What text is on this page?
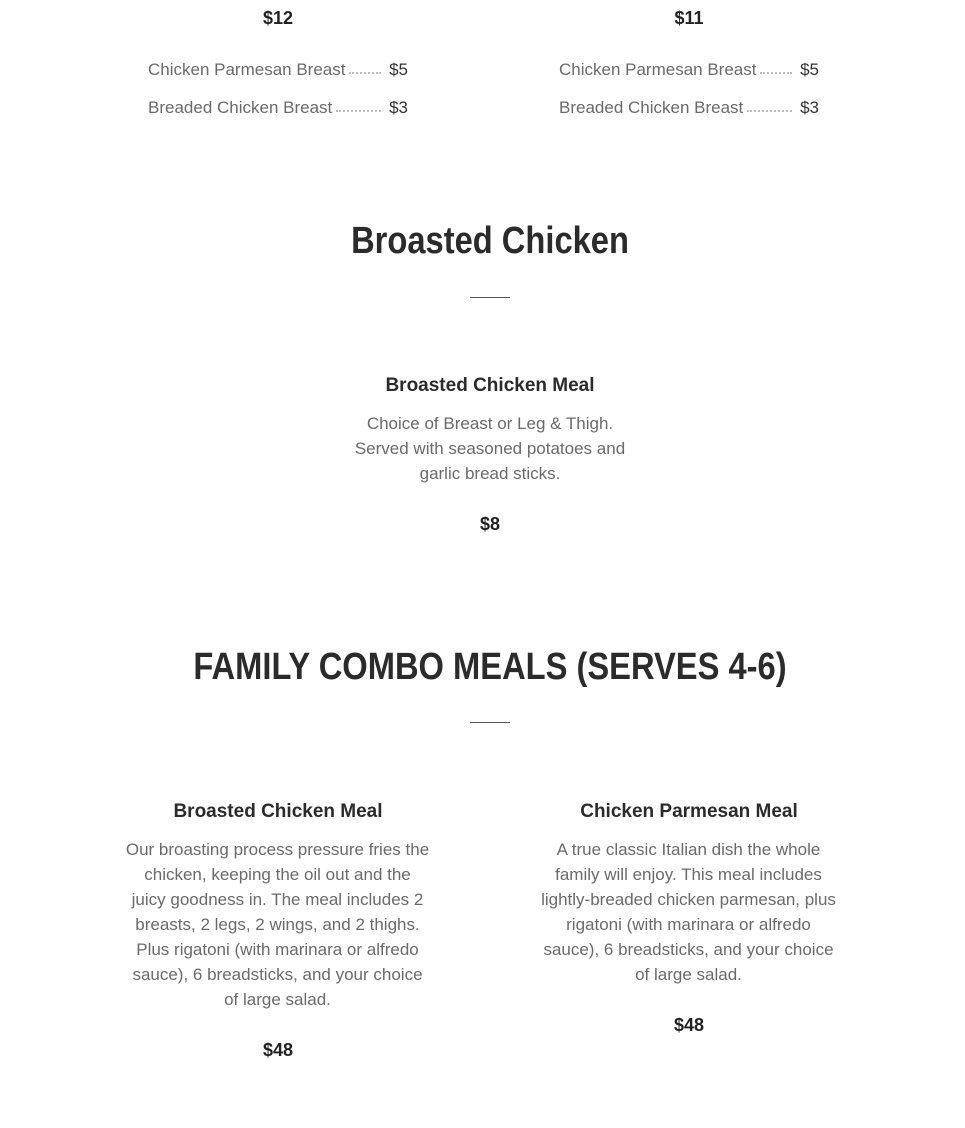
$12	$11
Chicken Parmesan Breast	$5
Breaded Chicken Breast	$3
Chicken Parmesan Breast	$5
Breaded Chicken Breast	$3
Broasted Chicken
Broasted Chicken Meal
Choice of Breast or Leg & Thigh. Served with seasoned potatoes and garlic bread sticks.
$8
FAMILY COMBO MEALS (SERVES 4-6)
Broasted Chicken Meal
Our broasting process pressure fries the chicken, keeping the oil out and the juicy goodness in. The meal includes 2 breasts, 2 legs, 2 wings, and 2 thighs. Plus rigatoni (with marinara or alfredo sauce), 6 breadsticks, and your choice of large salad.
$48
Chicken Parmesan Meal
A true classic Italian dish the whole family will enjoy. This meal includes lightly-breaded chicken parmesan, plus rigatoni (with marinara or alfredo sauce), 6 breadsticks, and your choice of large salad.
$48
